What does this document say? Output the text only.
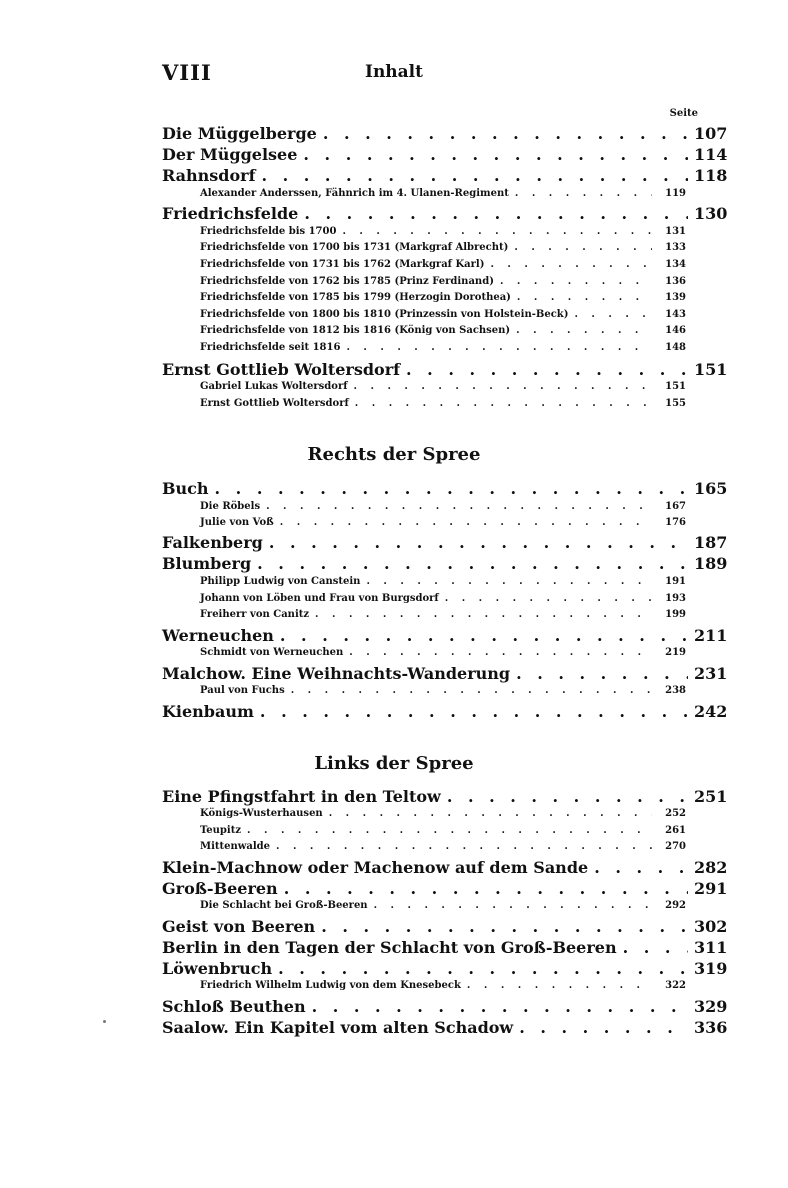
VIII	Inhalt
Seite
Die Müggelberge . . .	107
Der Müggelsee . . .	114
Rahnsdorf . . .	118
Alexander Anderssen, Fähnrich im 4. Ulanen-Regiment . . .	119
Friedrichsfelde . . .	130
Friedrichsfelde bis 1700 . . .	131
Friedrichsfelde von 1700 bis 1731 (Markgraf Albrecht) . . .	133
Friedrichsfelde von 1731 bis 1762 (Markgraf Karl) . . .	134
Friedrichsfelde von 1762 bis 1785 (Prinz Ferdinand) . . .	136
Friedrichsfelde von 1785 bis 1799 (Herzogin Dorothea) . . .	139
Friedrichsfelde von 1800 bis 1810 (Prinzessin von Holstein-Beck) . . .	143
Friedrichsfelde von 1812 bis 1816 (König von Sachsen) . . .	146
Friedrichsfelde seit 1816 . . .	148
Ernst Gottlieb Woltersdorf . . .	151
Gabriel Lukas Woltersdorf . . .	151
Ernst Gottlieb Woltersdorf . . .	155
Rechts der Spree
Buch . . .	165
Die Röbels . . .	167
Julie von Voß . . .	176
Falkenberg . . .	187
Blumberg . . .	189
Philipp Ludwig von Canstein . . .	191
Johann von Löben und Frau von Burgsdorf . . .	193
Freiherr von Canitz . . .	199
Werneuchen . . .	211
Schmidt von Werneuchen . . .	219
Malchow. Eine Weihnachts-Wanderung . . .	231
Paul von Fuchs . . .	238
Kienbaum . . .	242
Links der Spree
Eine Pfingstfahrt in den Teltow . . .	251
Königs-Wusterhausen . . .	252
Teupitz . . .	261
Mittenwalde . . .	270
Klein-Machnow oder Machenow auf dem Sande . . .	282
Groß-Beeren . . .	291
Die Schlacht bei Groß-Beeren . . .	292
Geist von Beeren . . .	302
Berlin in den Tagen der Schlacht von Groß-Beeren . . .	311
Löwenbruch . . .	319
Friedrich Wilhelm Ludwig von dem Knesebeck . . .	322
Schloß Beuthen . . .	329
Saalow. Ein Kapitel vom alten Schadow . . .	336
